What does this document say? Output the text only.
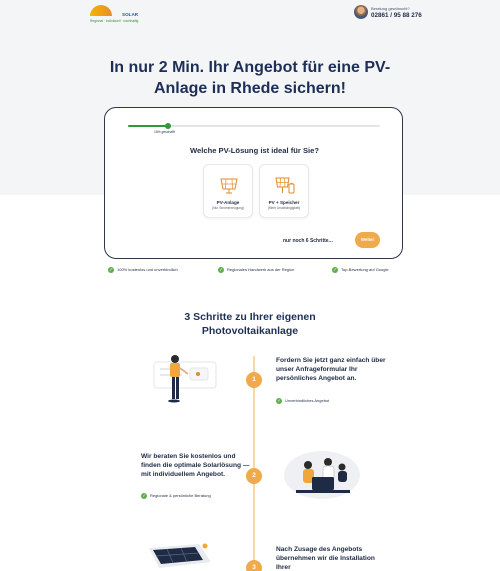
SOLAR
Regional · individuell · nachhaltig
Beratung gewünscht?
02861 / 95 88 276
In nur 2 Min. Ihr Angebot für eine PV-Anlage in Rhede sichern!
16% geschafft
Welche PV-Lösung ist ideal für Sie?
PV-Anlage
(Nur Stromerzeugung)
PV + Speicher
(Mehr Unabhängigkeit)
nur noch 6 Schritte...	Weiter
✓ 100% kostenlos und unverbindlich	✓ Regionales Handwerk aus der Region	✓ Top-Bewertung auf Google
3 Schritte zu Ihrer eigenen Photovoltaikanlage
1
Fordern Sie jetzt ganz einfach über unser Anfrageformular Ihr persönliches Angebot an.
✓ Unverbindliches Angebot
Wir beraten Sie kostenlos und finden die optimale Solarlösung — mit individuellem Angebot.
✓ Regionale & persönliche Beratung
2
3
Nach Zusage des Angebots übernehmen wir die Installation Ihrer
